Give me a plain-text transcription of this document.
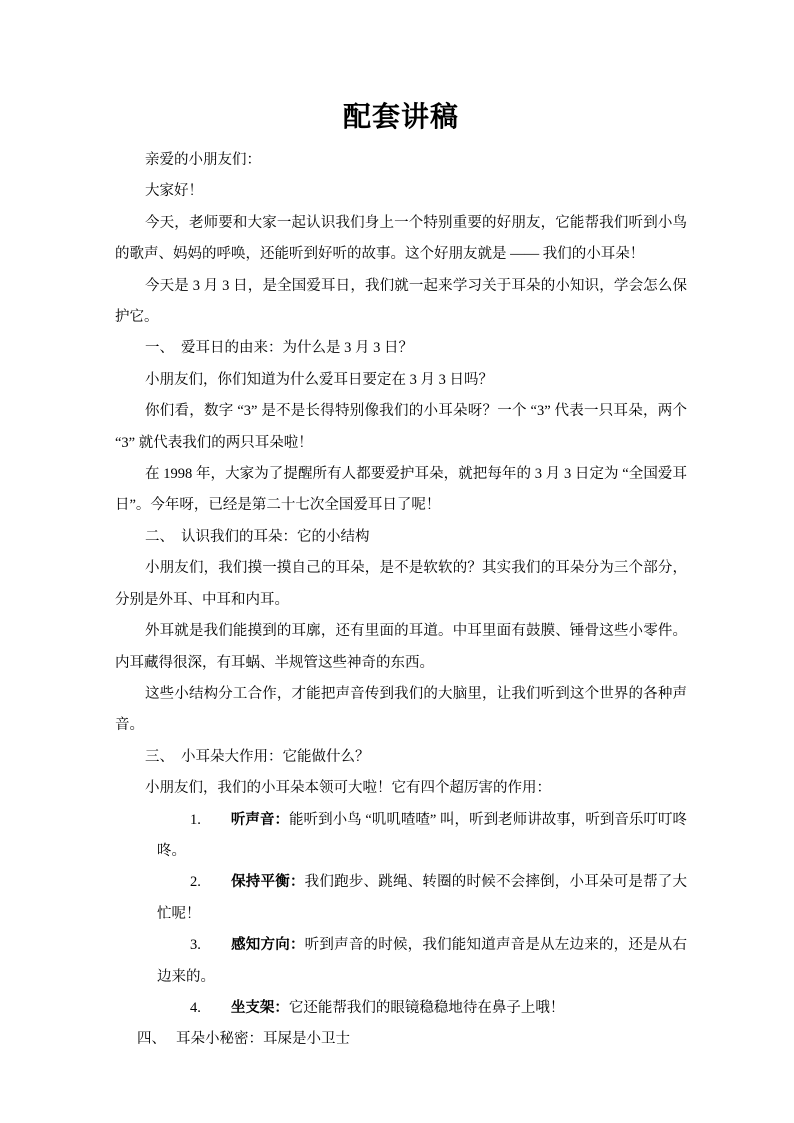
配套讲稿

亲爱的小朋友们：

大家好！

今天，老师要和大家一起认识我们身上一个特别重要的好朋友，它能帮我们听到小鸟的歌声、妈妈的呼唤，还能听到好听的故事。这个好朋友就是 —— 我们的小耳朵！

今天是 3 月 3 日，是全国爱耳日，我们就一起来学习关于耳朵的小知识，学会怎么保护它。

一、 爱耳日的由来：为什么是 3 月 3 日？

小朋友们，你们知道为什么爱耳日要定在 3 月 3 日吗？

你们看，数字 “3” 是不是长得特别像我们的小耳朵呀？一个 “3” 代表一只耳朵，两个 “3” 就代表我们的两只耳朵啦！

在 1998 年，大家为了提醒所有人都要爱护耳朵，就把每年的 3 月 3 日定为 “全国爱耳日”。今年呀，已经是第二十七次全国爱耳日了呢！

二、 认识我们的耳朵：它的小结构

小朋友们，我们摸一摸自己的耳朵，是不是软软的？其实我们的耳朵分为三个部分，分别是外耳、中耳和内耳。

外耳就是我们能摸到的耳廓，还有里面的耳道。中耳里面有鼓膜、锤骨这些小零件。内耳藏得很深，有耳蜗、半规管这些神奇的东西。

这些小结构分工合作，才能把声音传到我们的大脑里，让我们听到这个世界的各种声音。

三、 小耳朵大作用：它能做什么？

小朋友们，我们的小耳朵本领可大啦！它有四个超厉害的作用：

1. 听声音：能听到小鸟 “叽叽喳喳” 叫，听到老师讲故事，听到音乐叮叮咚咚。

2. 保持平衡：我们跑步、跳绳、转圈的时候不会摔倒，小耳朵可是帮了大忙呢！

3. 感知方向：听到声音的时候，我们能知道声音是从左边来的，还是从右边来的。

4. 坐支架：它还能帮我们的眼镜稳稳地待在鼻子上哦！

四、 耳朵小秘密：耳屎是小卫士
